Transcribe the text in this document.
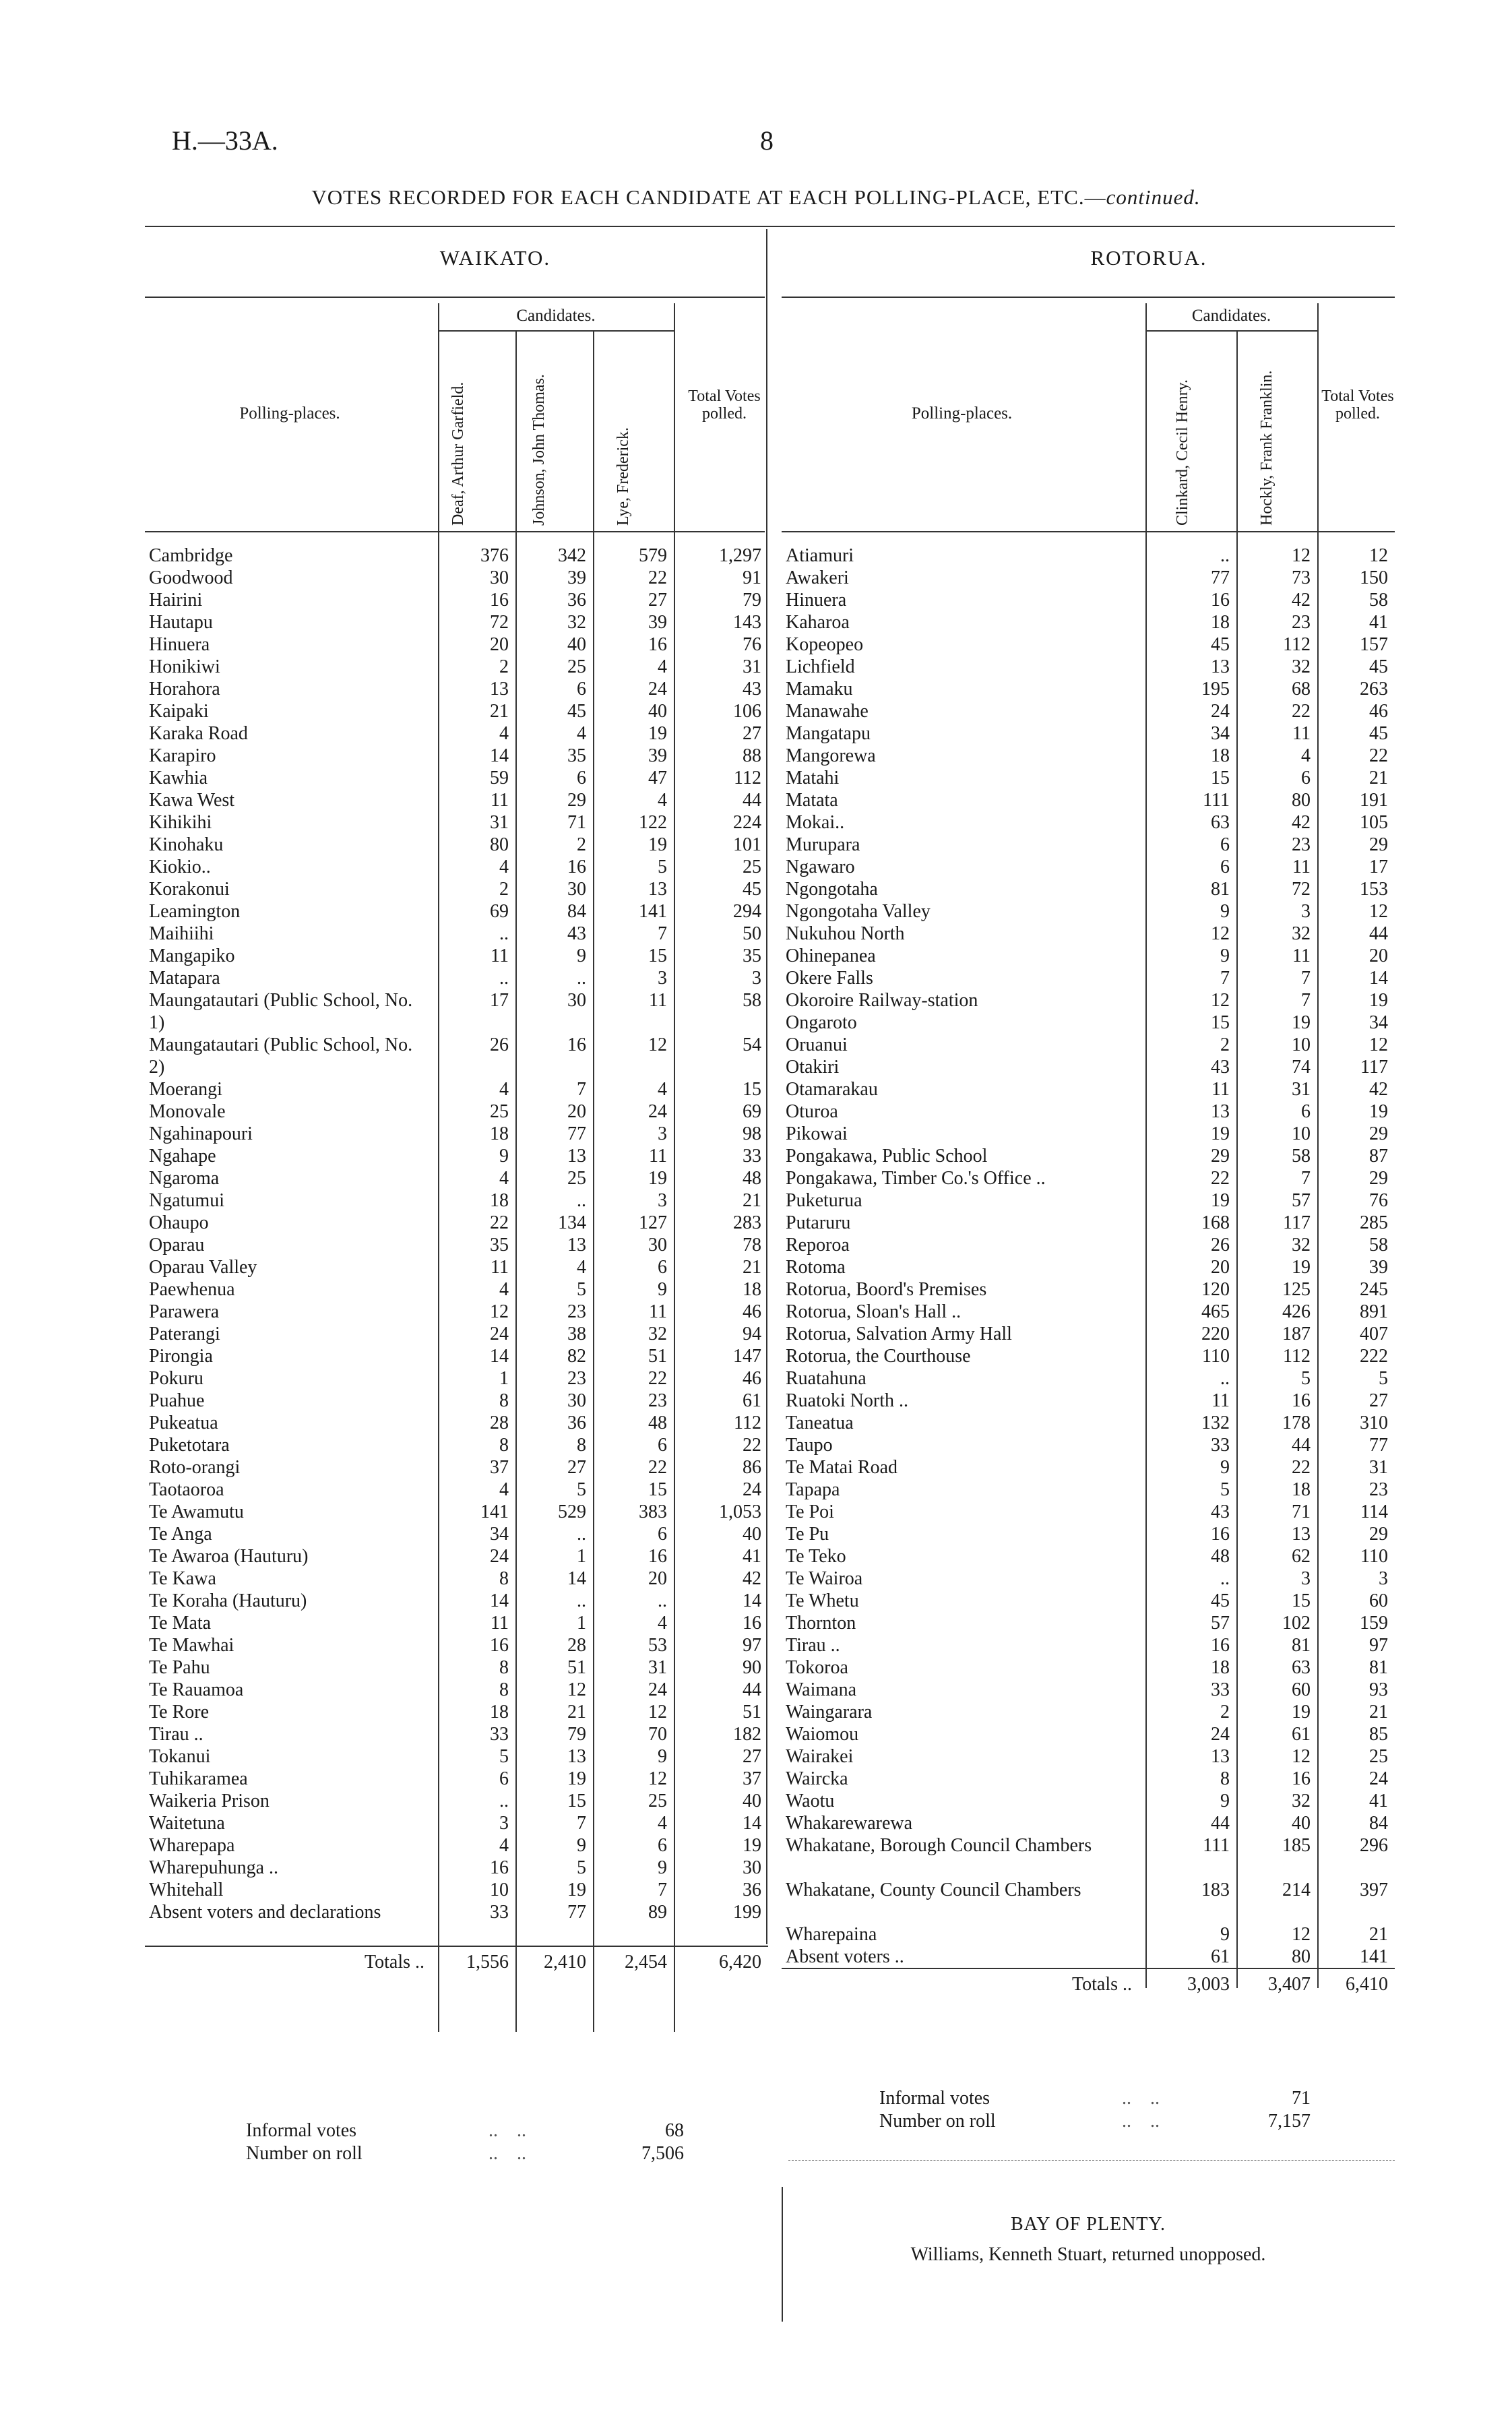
H.—33A.	8
VOTES RECORDED FOR EACH CANDIDATE AT EACH POLLING-PLACE, ETC.—continued.
WAIKATO.	ROTORUA.
Candidates.
Polling-places.
Total Votes polled.
Deaf, Arthur Garfield.	Johnson, John Thomas.	Lye, Frederick.
Candidates.
Polling-places.
Total Votes polled.
Clinkard, Cecil Henry.	Hockly, Frank Franklin.
Cambridge	376	342	579	1,297

Goodwood	30	39	22	91

Hairini	16	36	27	79

Hautapu	72	32	39	143

Hinuera	20	40	16	76

Honikiwi	2	25	4	31

Horahora	13	6	24	43

Kaipaki	21	45	40	106

Karaka Road	4	4	19	27

Karapiro	14	35	39	88

Kawhia	59	6	47	112

Kawa West	11	29	4	44

Kihikihi	31	71	122	224

Kinohaku	80	2	19	101

Kiokio..	4	16	5	25

Korakonui	2	30	13	45

Leamington	69	84	141	294

Maihiihi	..	43	7	50

Mangapiko	11	9	15	35

Matapara	..	..	3	3

Maungatautari (Public School, No. 1)	17	30	11	58

Maungatautari (Public School, No. 2)	26	16	12	54

Moerangi	4	7	4	15

Monovale	25	20	24	69

Ngahinapouri	18	77	3	98

Ngahape	9	13	11	33

Ngaroma	4	25	19	48

Ngatumui	18	..	3	21

Ohaupo	22	134	127	283

Oparau	35	13	30	78

Oparau Valley	11	4	6	21

Paewhenua	4	5	9	18

Parawera	12	23	11	46

Paterangi	24	38	32	94

Pirongia	14	82	51	147

Pokuru	1	23	22	46

Puahue	8	30	23	61

Pukeatua	28	36	48	112

Puketotara	8	8	6	22

Roto-orangi	37	27	22	86

Taotaoroa	4	5	15	24

Te Awamutu	141	529	383	1,053

Te Anga	34	..	6	40

Te Awaroa (Hauturu)	24	1	16	41

Te Kawa	8	14	20	42

Te Koraha (Hauturu)	14	..	..	14

Te Mata	11	1	4	16

Te Mawhai	16	28	53	97

Te Pahu	8	51	31	90

Te Rauamoa	8	12	24	44

Te Rore	18	21	12	51

Tirau ..	33	79	70	182

Tokanui	5	13	9	27

Tuhikaramea	6	19	12	37

Waikeria Prison	..	15	25	40

Waitetuna	3	7	4	14

Wharepapa	4	9	6	19

Wharepuhunga ..	16	5	9	30

Whitehall	10	19	7	36

Absent voters and declarations	33	77	89	199
Totals ..	1,556	2,410	2,454	6,420
Atiamuri	..	12	12

Awakeri	77	73	150

Hinuera	16	42	58

Kaharoa	18	23	41

Kopeopeo	45	112	157

Lichfield	13	32	45

Mamaku	195	68	263

Manawahe	24	22	46

Mangatapu	34	11	45

Mangorewa	18	4	22

Matahi	15	6	21

Matata	111	80	191

Mokai..	63	42	105

Murupara	6	23	29

Ngawaro	6	11	17

Ngongotaha	81	72	153

Ngongotaha Valley	9	3	12

Nukuhou North	12	32	44

Ohinepanea	9	11	20

Okere Falls	7	7	14

Okoroire Railway-station	12	7	19

Ongaroto	15	19	34

Oruanui	2	10	12

Otakiri	43	74	117

Otamarakau	11	31	42

Oturoa	13	6	19

Pikowai	19	10	29

Pongakawa, Public School	29	58	87

Pongakawa, Timber Co.'s Office ..	22	7	29

Puketurua	19	57	76

Putaruru	168	117	285

Reporoa	26	32	58

Rotoma	20	19	39

Rotorua, Boord's Premises	120	125	245

Rotorua, Sloan's Hall ..	465	426	891

Rotorua, Salvation Army Hall	220	187	407

Rotorua, the Courthouse	110	112	222

Ruatahuna	..	5	5

Ruatoki North ..	11	16	27

Taneatua	132	178	310

Taupo	33	44	77

Te Matai Road	9	22	31

Tapapa	5	18	23

Te Poi	43	71	114

Te Pu	16	13	29

Te Teko	48	62	110

Te Wairoa	..	3	3

Te Whetu	45	15	60

Thornton	57	102	159

Tirau ..	16	81	97

Tokoroa	18	63	81

Waimana	33	60	93

Waingarara	2	19	21

Waiomou	24	61	85

Wairakei	13	12	25

Waircka	8	16	24

Waotu	9	32	41

Whakarewarewa	44	40	84

Whakatane, Borough Council Chambers	111	185	296

Whakatane, County Council Chambers	183	214	397

Wharepaina	9	12	21

Absent voters ..	61	80	141
Totals ..	3,003	3,407	6,410
Informal votes	..    ..	68
Number on roll	..    ..	7,506
Informal votes	..    ..	71
Number on roll	..    ..	7,157
BAY OF PLENTY.
Williams, Kenneth Stuart, returned unopposed.
